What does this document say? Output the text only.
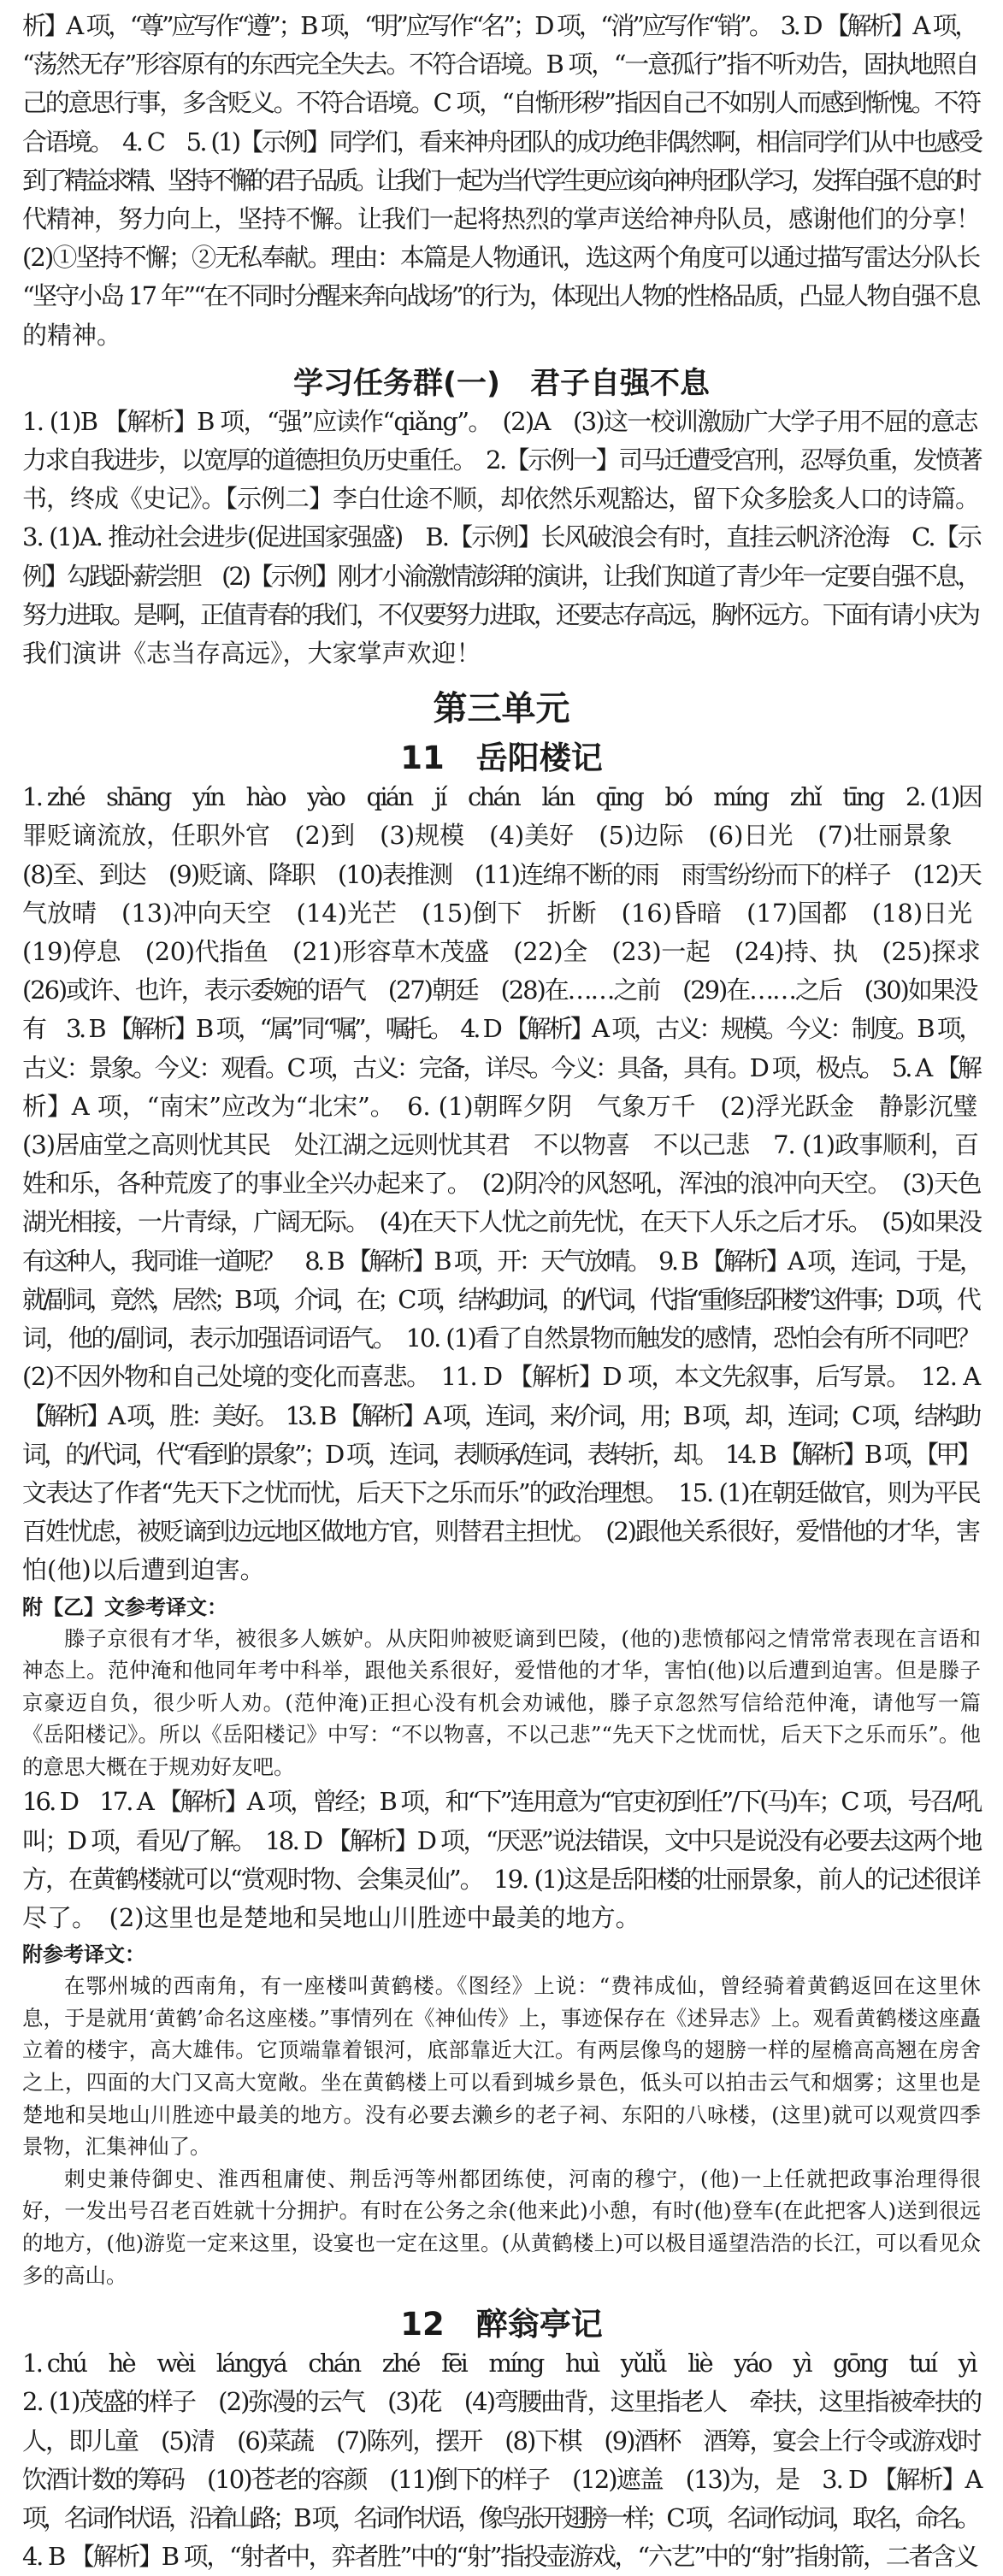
析】A 项，“尊”应写作“遵”；B 项，“明”应写作“名”；D 项，“消”应写作“销”。　3. D 【解析】A 项，

“荡然无存”形容原有的东西完全失去。不符合语境。B 项，“一意孤行”指不听劝告，固执地照自

己的意思行事，多含贬义。不符合语境。C 项，“自惭形秽”指因自己不如别人而感到惭愧。不符

合语境。　4. C　5. (1)【示例】同学们，看来神舟团队的成功绝非偶然啊，相信同学们从中也感受

到了精益求精、坚持不懈的君子品质。让我们一起为当代学生更应该向神舟团队学习，发挥自强不息的时

代精神，努力向上，坚持不懈。让我们一起将热烈的掌声送给神舟队员，感谢他们的分享！

(2)①坚持不懈；②无私奉献。理由：本篇是人物通讯，选这两个角度可以通过描写雷达分队长

“坚守小岛 17 年”“在不同时分醒来奔向战场”的行为，体现出人物的性格品质，凸显人物自强不息

的精神。

学习任务群(一)　君子自强不息

1. (1)B 【解析】B 项，“强”应读作“qiǎng”。　(2)A　(3)这一校训激励广大学子用不屈的意志

力求自我进步，以宽厚的道德担负历史重任。　2.【示例一】司马迁遭受宫刑，忍辱负重，发愤著

书，终成《史记》。【示例二】李白仕途不顺，却依然乐观豁达，留下众多脍炙人口的诗篇。

3. (1)A. 推动社会进步(促进国家强盛)　B.【示例】长风破浪会有时，直挂云帆济沧海　C.【示

例】勾践卧薪尝胆　(2)【示例】刚才小渝激情澎湃的演讲，让我们知道了青少年一定要自强不息，

努力进取。是啊，正值青春的我们，不仅要努力进取，还要志存高远，胸怀远方。下面有请小庆为

我们演讲《志当存高远》，大家掌声欢迎！

第三单元
11　岳阳楼记

1. zhé　shāng　yín　hào　yào　qián　jí　chán　lán　qīng　bó　míng　zhǐ　tīng　2. (1)因

罪贬谪流放，任职外官　(2)到　(3)规模　(4)美好　(5)边际　(6)日光　(7)壮丽景象

(8)至、到达　(9)贬谪、降职　(10)表推测　(11)连绵不断的雨　雨雪纷纷而下的样子　(12)天

气放晴　(13)冲向天空　(14)光芒　(15)倒下　折断　(16)昏暗　(17)国都　(18)日光

(19)停息　(20)代指鱼　(21)形容草木茂盛　(22)全　(23)一起　(24)持、执　(25)探求

(26)或许、也许，表示委婉的语气　(27)朝廷　(28)在……之前　(29)在……之后　(30)如果没

有　3. B 【解析】B 项，“属”同“嘱”，嘱托。　4. D 【解析】A 项，古义：规模。今义：制度。B 项，

古义：景象。今义：观看。C 项，古义：完备，详尽。今义：具备，具有。D 项，极点。　5. A 【解

析】A 项，“南宋”应改为“北宋”。　6. (1)朝晖夕阴　气象万千　(2)浮光跃金　静影沉璧

(3)居庙堂之高则忧其民　处江湖之远则忧其君　不以物喜　不以己悲　7. (1)政事顺利，百

姓和乐，各种荒废了的事业全兴办起来了。　(2)阴冷的风怒吼，浑浊的浪冲向天空。　(3)天色

湖光相接，一片青绿，广阔无际。　(4)在天下人忧之前先忧，在天下人乐之后才乐。　(5)如果没

有这种人，我同谁一道呢？　8. B 【解析】B 项，开：天气放晴。　9. B 【解析】A 项，连词，于是，

就/副词，竟然，居然；B 项，介词，在；C 项，结构助词，的/代词，代指“重修岳阳楼”这件事；D 项，代

词，他的/副词，表示加强语词语气。　10. (1)看了自然景物而触发的感情，恐怕会有所不同吧？

(2)不因外物和自己处境的变化而喜悲。　11. D 【解析】D 项，本文先叙事，后写景。　12. A

【解析】A 项，胜：美好。　13. B 【解析】A 项，连词，来/介词，用；B 项，却，连词；C 项，结构助

词，的/代词，代“看到的景象”；D 项，连词，表顺承/连词，表转折，却。　14. B 【解析】B 项，【甲】

文表达了作者“先天下之忧而忧，后天下之乐而乐”的政治理想。　15. (1)在朝廷做官，则为平民

百姓忧虑，被贬谪到边远地区做地方官，则替君主担忧。　(2)跟他关系很好，爱惜他的才华，害

怕(他)以后遭到迫害。

附【乙】文参考译文：

滕子京很有才华，被很多人嫉妒。从庆阳帅被贬谪到巴陵，(他的)悲愤郁闷之情常常表现在言语和神态上。范仲淹和他同年考中科举，跟他关系很好，爱惜他的才华，害怕(他)以后遭到迫害。但是滕子京豪迈自负，很少听人劝。(范仲淹)正担心没有机会劝诫他，滕子京忽然写信给范仲淹，请他写一篇《岳阳楼记》。所以《岳阳楼记》中写：“不以物喜，不以己悲”“先天下之忧而忧，后天下之乐而乐”。他的意思大概在于规劝好友吧。

16. D　17. A 【解析】A 项，曾经；B 项，和“下”连用意为“官吏初到任”/下(马)车；C 项，号召/吼

叫；D 项，看见/了解。　18. D 【解析】D 项，“厌恶”说法错误，文中只是说没有必要去这两个地

方，在黄鹤楼就可以“赏观时物、会集灵仙”。　19. (1)这是岳阳楼的壮丽景象，前人的记述很详

尽了。　(2)这里也是楚地和吴地山川胜迹中最美的地方。

附参考译文：

在鄂州城的西南角，有一座楼叫黄鹤楼。《图经》上说：“费祎成仙，曾经骑着黄鹤返回在这里休息，于是就用‘黄鹤’命名这座楼。”事情列在《神仙传》上，事迹保存在《述异志》上。观看黄鹤楼这座矗立着的楼宇，高大雄伟。它顶端靠着银河，底部靠近大江。有两层像鸟的翅膀一样的屋檐高高翘在房舍之上，四面的大门又高大宽敞。坐在黄鹤楼上可以看到城乡景色，低头可以拍击云气和烟雾；这里也是楚地和吴地山川胜迹中最美的地方。没有必要去濑乡的老子祠、东阳的八咏楼，(这里)就可以观赏四季景物，汇集神仙了。

刺史兼侍御史、淮西租庸使、荆岳沔等州都团练使，河南的穆宁，(他)一上任就把政事治理得很好，一发出号召老百姓就十分拥护。有时在公务之余(他来此)小憩，有时(他)登车(在此把客人)送到很远的地方，(他)游览一定来这里，设宴也一定在这里。(从黄鹤楼上)可以极目遥望浩浩的长江，可以看见众多的高山。

12　醉翁亭记

1. chú　hè　wèi　lángyá　chán　zhé　fēi　míng　huì　yǔlǚ　liè　yáo　yì　gōng　tuí　yì

2. (1)茂盛的样子　(2)弥漫的云气　(3)花　(4)弯腰曲背，这里指老人　牵扶，这里指被牵扶的

人，即儿童　(5)清　(6)菜蔬　(7)陈列，摆开　(8)下棋　(9)酒杯　酒筹，宴会上行令或游戏时

饮酒计数的筹码　(10)苍老的容颜　(11)倒下的样子　(12)遮盖　(13)为，是　3. D 【解析】A

项，名词作状语，沿着山路；B 项，名词作状语，像鸟张开翅膀一样；C 项，名词作动词，取名，命名。

4. B 【解析】B 项，“射者中，弈者胜”中的“射”指投壶游戏，“六艺”中的“射”指射箭，二者含义
